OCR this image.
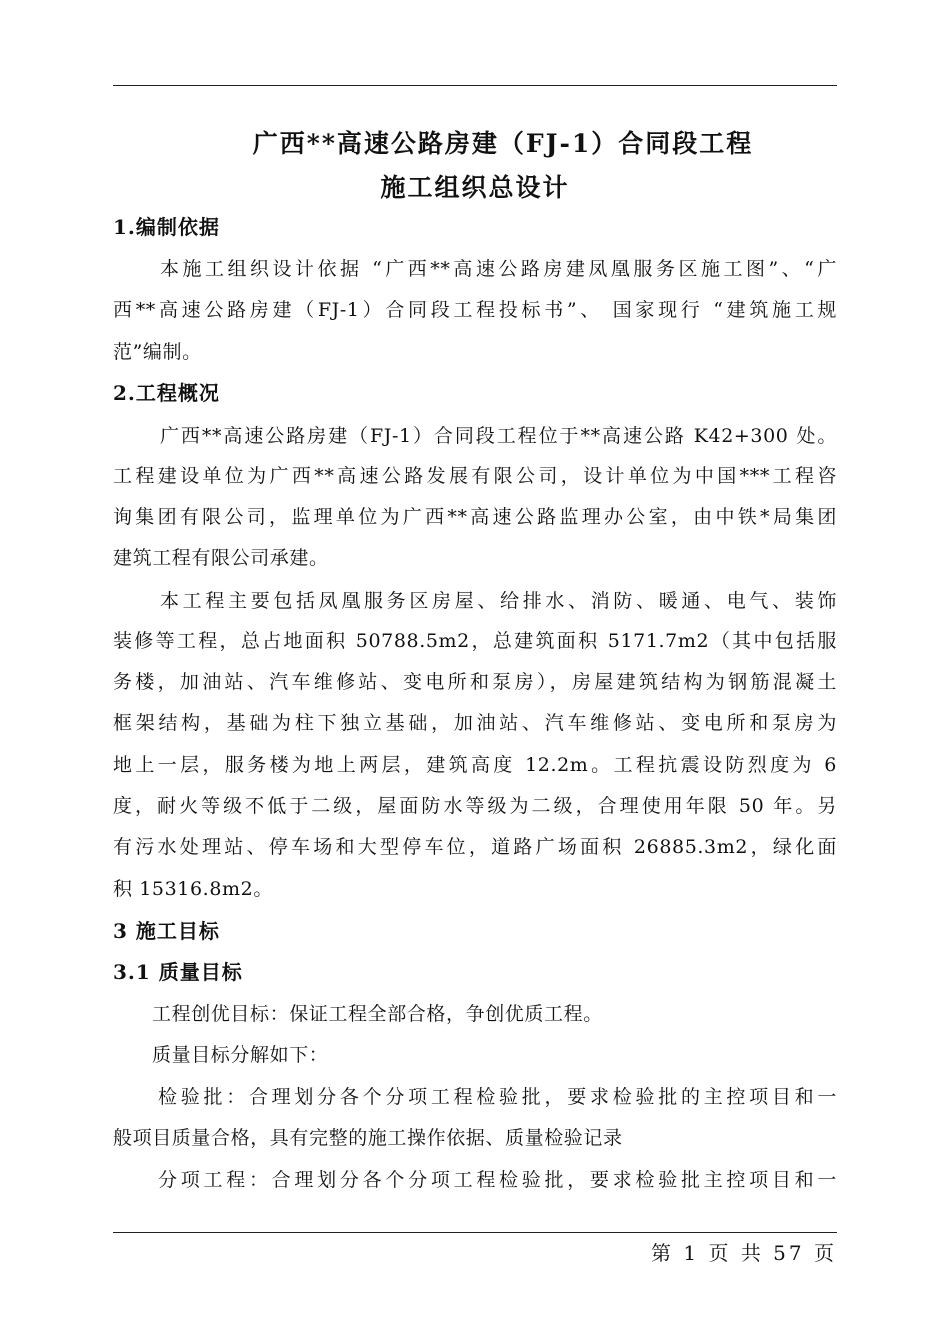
广西**高速公路房建（FJ-1）合同段工程
施工组织总设计
1.编制依据
本施工组织设计依据 “广西**高速公路房建凤凰服务区施工图”、“广
西**高速公路房建（FJ-1）合同段工程投标书”、 国家现行 “建筑施工规
范”编制。
2.工程概况
广西**高速公路房建（FJ-1）合同段工程位于**高速公路 K42+300 处。
工程建设单位为广西**高速公路发展有限公司，设计单位为中国***工程咨
询集团有限公司，监理单位为广西**高速公路监理办公室，由中铁*局集团
建筑工程有限公司承建。
本工程主要包括凤凰服务区房屋、给排水、消防、暖通、电气、装饰
装修等工程，总占地面积 50788.5m2，总建筑面积 5171.7m2（其中包括服
务楼，加油站、汽车维修站、变电所和泵房），房屋建筑结构为钢筋混凝土
框架结构，基础为柱下独立基础，加油站、汽车维修站、变电所和泵房为
地上一层，服务楼为地上两层，建筑高度 12.2m。工程抗震设防烈度为 6
度，耐火等级不低于二级，屋面防水等级为二级，合理使用年限 50 年。另
有污水处理站、停车场和大型停车位，道路广场面积 26885.3m2，绿化面
积 15316.8m2。
3 施工目标
3.1 质量目标
工程创优目标：保证工程全部合格，争创优质工程。
质量目标分解如下：
检验批：合理划分各个分项工程检验批，要求检验批的主控项目和一
般项目质量合格，具有完整的施工操作依据、质量检验记录
分项工程：合理划分各个分项工程检验批，要求检验批主控项目和一
第 1 页 共 57 页
